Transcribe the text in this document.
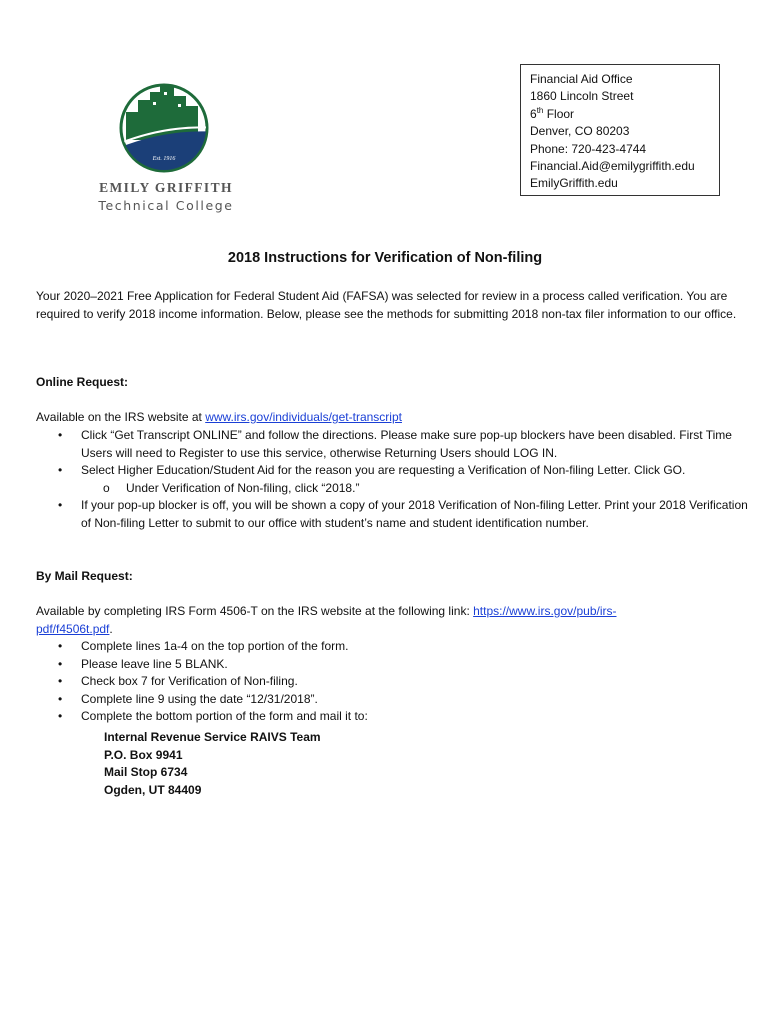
Est. 1916
EMILY GRIFFITH
Technical College
Financial Aid Office
1860 Lincoln Street
6th Floor
Denver, CO 80203
Phone: 720-423-4744
Financial.Aid@emilygriffith.edu
EmilyGriffith.edu
2018 Instructions for Verification of Non-filing
Your 2020–2021 Free Application for Federal Student Aid (FAFSA) was selected for review in a process called verification. You are required to verify 2018 income information. Below, please see the methods for submitting 2018 non-tax filer information to our office.
Online Request:
Available on the IRS website at www.irs.gov/individuals/get-transcript
• Click “Get Transcript ONLINE” and follow the directions. Please make sure pop-up blockers have been disabled. First Time Users will need to Register to use this service, otherwise Returning Users should LOG IN.
• Select Higher Education/Student Aid for the reason you are requesting a Verification of Non-filing Letter. Click GO.
o Under Verification of Non-filing, click “2018.”
• If your pop-up blocker is off, you will be shown a copy of your 2018 Verification of Non-filing Letter. Print your 2018 Verification of Non-filing Letter to submit to our office with student’s name and student identification number.
By Mail Request:
Available by completing IRS Form 4506-T on the IRS website at the following link: https://www.irs.gov/pub/irs-pdf/f4506t.pdf.
• Complete lines 1a-4 on the top portion of the form.
• Please leave line 5 BLANK.
• Check box 7 for Verification of Non-filing.
• Complete line 9 using the date “12/31/2018”.
• Complete the bottom portion of the form and mail it to:
Internal Revenue Service RAIVS Team
P.O. Box 9941
Mail Stop 6734
Ogden, UT 84409
